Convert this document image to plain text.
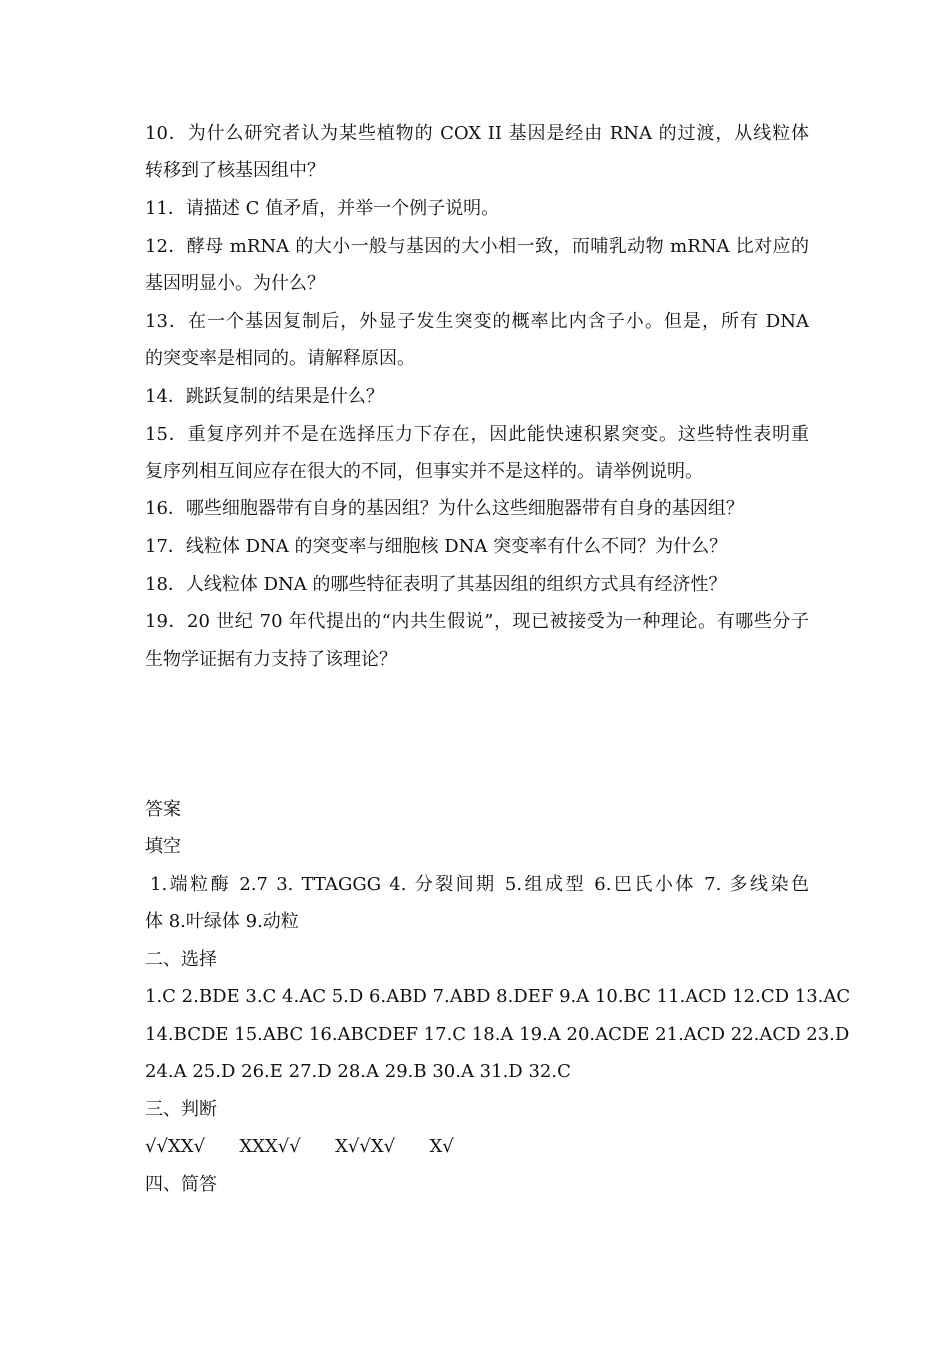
10．为什么研究者认为某些植物的 COX II 基因是经由 RNA 的过渡，从线粒体
转移到了核基因组中？
11．请描述 C 值矛盾，并举一个例子说明。
12．酵母 mRNA 的大小一般与基因的大小相一致，而哺乳动物 mRNA 比对应的
基因明显小。为什么？
13．在一个基因复制后，外显子发生突变的概率比内含子小。但是，所有 DNA
的突变率是相同的。请解释原因。
14．跳跃复制的结果是什么？
15．重复序列并不是在选择压力下存在，因此能快速积累突变。这些特性表明重
复序列相互间应存在很大的不同，但事实并不是这样的。请举例说明。
16．哪些细胞器带有自身的基因组？为什么这些细胞器带有自身的基因组？
17．线粒体 DNA 的突变率与细胞核 DNA 突变率有什么不同？为什么？
18．人线粒体 DNA 的哪些特征表明了其基因组的组织方式具有经济性？
19．20 世纪 70 年代提出的“内共生假说”，现已被接受为一种理论。有哪些分子
生物学证据有力支持了该理论？
答案
填空
1.端粒酶 2.7 3. TTAGGG 4. 分裂间期 5.组成型 6.巴氏小体 7. 多线染色
体 8.叶绿体 9.动粒
二、选择
1.C 2.BDE 3.C 4.AC 5.D 6.ABD 7.ABD 8.DEF 9.A 10.BC 11.ACD 12.CD 13.AC
14.BCDE 15.ABC 16.ABCDEF 17.C 18.A 19.A 20.ACDE 21.ACD 22.ACD 23.D
24.A 25.D 26.E 27.D 28.A 29.B 30.A 31.D 32.C
三、判断
√√XX√      XXX√√      X√√X√      X√
四、简答
